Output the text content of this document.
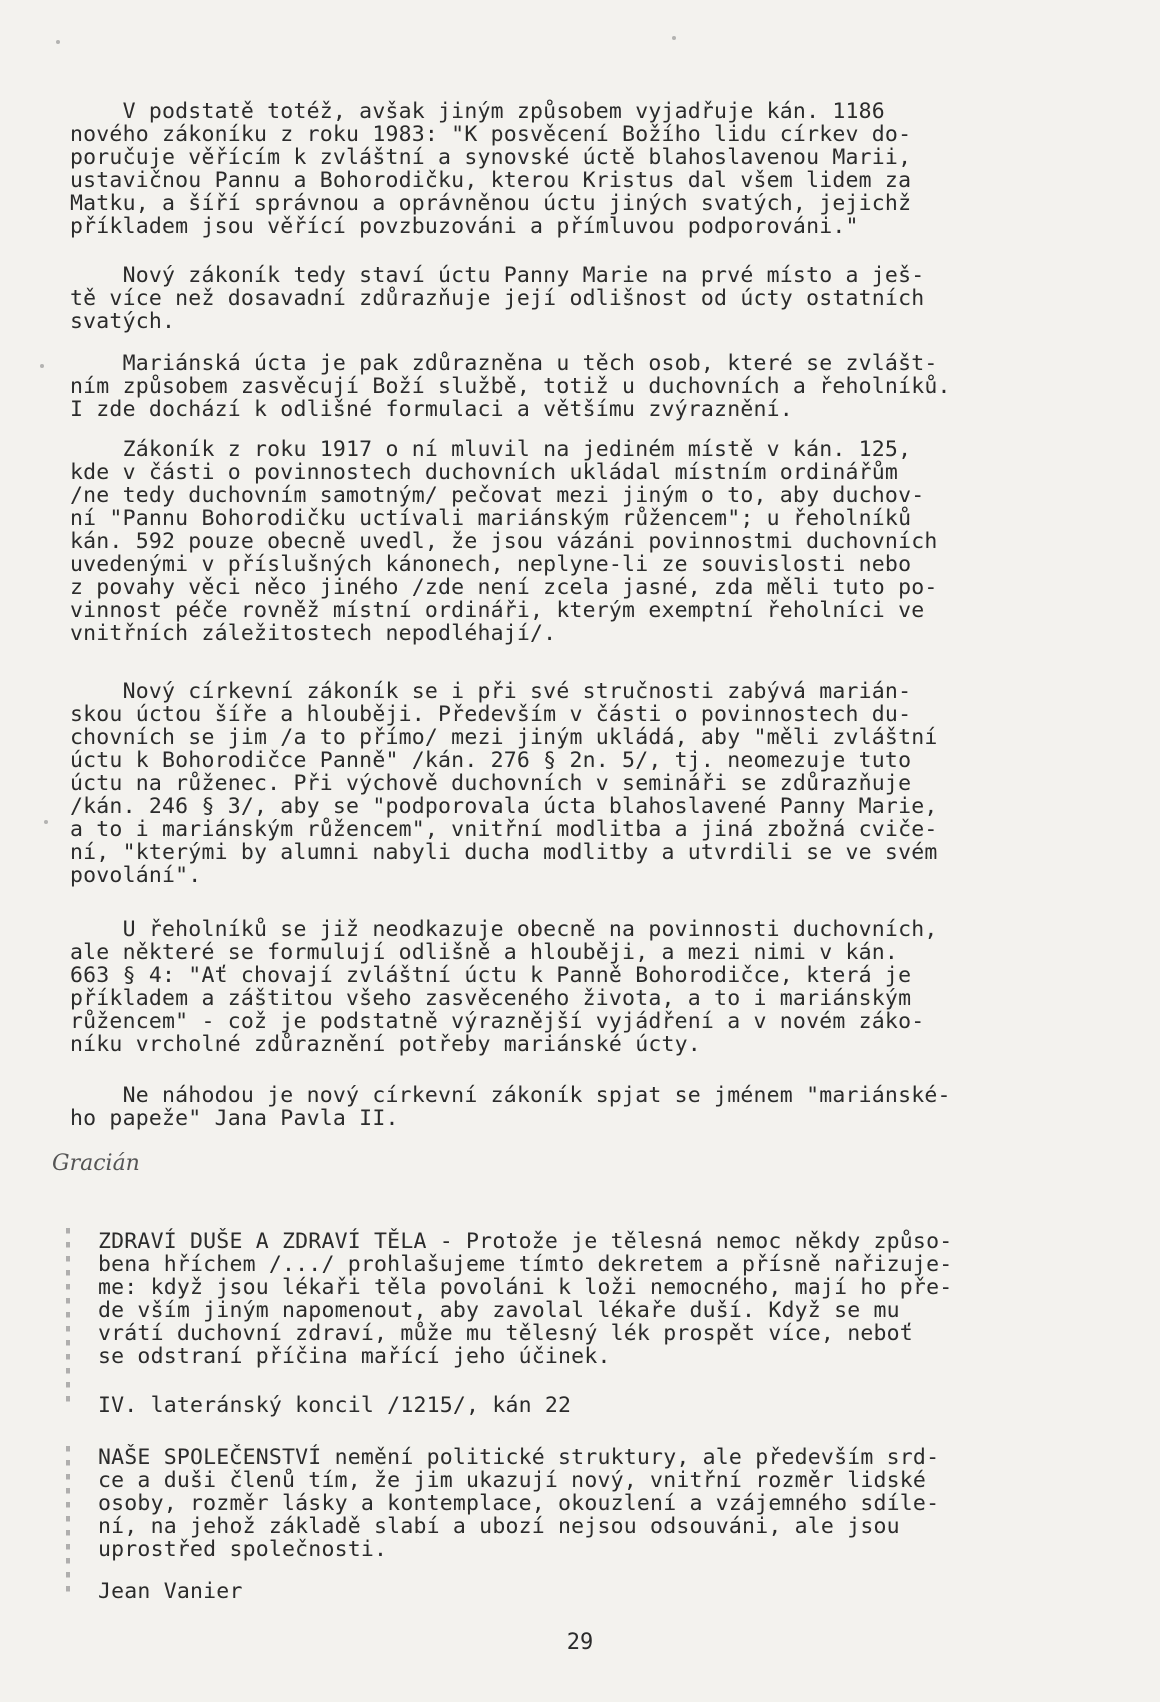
V podstatě totéž, avšak jiným způsobem vyjadřuje kán. 1186
nového zákoníku z roku 1983: "K posvěcení Božího lidu církev do-
poručuje věřícím k zvláštní a synovské úctě blahoslavenou Marii,
ustavičnou Pannu a Bohorodičku, kterou Kristus dal všem lidem za
Matku, a šíří správnou a oprávněnou úctu jiných svatých, jejichž
příkladem jsou věřící povzbuzováni a přímluvou podporováni."

Nový zákoník tedy staví úctu Panny Marie na prvé místo a ješ-
tě více než dosavadní zdůrazňuje její odlišnost od úcty ostatních
svatých.

Mariánská úcta je pak zdůrazněna u těch osob, které se zvlášt-
ním způsobem zasvěcují Boží službě, totiž u duchovních a řeholníků.
I zde dochází k odlišné formulaci a většímu zvýraznění.

Zákoník z roku 1917 o ní mluvil na jediném místě v kán. 125,
kde v části o povinnostech duchovních ukládal místním ordinářům
/ne tedy duchovním samotným/ pečovat mezi jiným o to, aby duchov-
ní "Pannu Bohorodičku uctívali mariánským růžencem"; u řeholníků
kán. 592 pouze obecně uvedl, že jsou vázáni povinnostmi duchovních
uvedenými v příslušných kánonech, neplyne-li ze souvislosti nebo
z povahy věci něco jiného /zde není zcela jasné, zda měli tuto po-
vinnost péče rovněž místní ordináři, kterým exemptní řeholníci ve
vnitřních záležitostech nepodléhají/.

Nový církevní zákoník se i při své stručnosti zabývá marián-
skou úctou šíře a hlouběji. Především v části o povinnostech du-
chovních se jim /a to přímo/ mezi jiným ukládá, aby "měli zvláštní
úctu k Bohorodičce Panně" /kán. 276 § 2n. 5/, tj. neomezuje tuto
úctu na růženec. Při výchově duchovních v semináři se zdůrazňuje
/kán. 246 § 3/, aby se "podporovala úcta blahoslavené Panny Marie,
a to i mariánským růžencem", vnitřní modlitba a jiná zbožná cviče-
ní, "kterými by alumni nabyli ducha modlitby a utvrdili se ve svém
povolání".

U řeholníků se již neodkazuje obecně na povinnosti duchovních,
ale některé se formulují odlišně a hlouběji, a mezi nimi v kán.
663 § 4: "Ať chovají zvláštní úctu k Panně Bohorodičce, která je
příkladem a záštitou všeho zasvěceného života, a to i mariánským
růžencem" - což je podstatně výraznější vyjádření a v novém záko-
níku vrcholné zdůraznění potřeby mariánské úcty.

Ne náhodou je nový církevní zákoník spjat se jménem "mariánské-
ho papeže" Jana Pavla II.

Gracián

ZDRAVÍ DUŠE A ZDRAVÍ TĚLA - Protože je tělesná nemoc někdy způso-
bena hříchem /.../ prohlašujeme tímto dekretem a přísně nařizuje-
me: když jsou lékaři těla povoláni k loži nemocného, mají ho pře-
de vším jiným napomenout, aby zavolal lékaře duší. Když se mu
vrátí duchovní zdraví, může mu tělesný lék prospět více, neboť
se odstraní příčina mařící jeho účinek.

IV. lateránský koncil /1215/, kán 22

NAŠE SPOLEČENSTVÍ nemění politické struktury, ale především srd-
ce a duši členů tím, že jim ukazují nový, vnitřní rozměr lidské
osoby, rozměr lásky a kontemplace, okouzlení a vzájemného sdíle-
ní, na jehož základě slabí a ubozí nejsou odsouváni, ale jsou
uprostřed společnosti.

Jean Vanier

29
